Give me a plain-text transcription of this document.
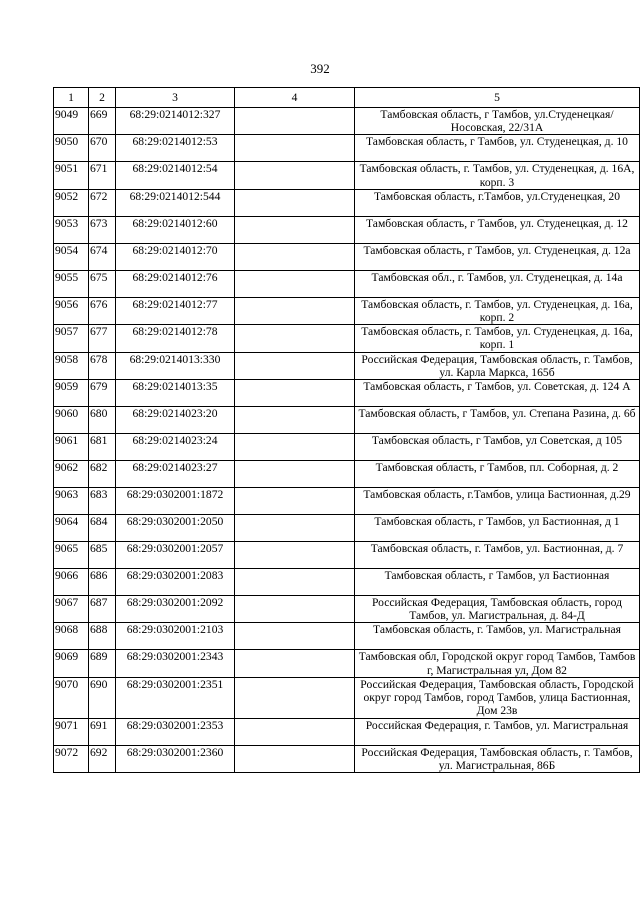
392
1	2	3	4	5
9049	669	68:29:0214012:327		Тамбовская область, г Тамбов, ул.Студенецкая/Носовская, 22/31А
9050	670	68:29:0214012:53		Тамбовская область, г Тамбов, ул. Студенецкая, д. 10
9051	671	68:29:0214012:54		Тамбовская область, г. Тамбов, ул. Студенецкая, д. 16А, корп. 3
9052	672	68:29:0214012:544		Тамбовская область, г.Тамбов, ул.Студенецкая, 20
9053	673	68:29:0214012:60		Тамбовская область, г Тамбов, ул. Студенецкая, д. 12
9054	674	68:29:0214012:70		Тамбовская область, г Тамбов, ул. Студенецкая, д. 12а
9055	675	68:29:0214012:76		Тамбовская обл., г. Тамбов, ул. Студенецкая, д. 14а
9056	676	68:29:0214012:77		Тамбовская область, г. Тамбов, ул. Студенецкая, д. 16а, корп. 2
9057	677	68:29:0214012:78		Тамбовская область, г. Тамбов, ул. Студенецкая, д. 16а, корп. 1
9058	678	68:29:0214013:330		Российская Федерация, Тамбовская область, г. Тамбов, ул. Карла Маркса, 165б
9059	679	68:29:0214013:35		Тамбовская область, г Тамбов, ул. Советская, д. 124 А
9060	680	68:29:0214023:20		Тамбовская область, г Тамбов, ул. Степана Разина, д. 6б
9061	681	68:29:0214023:24		Тамбовская область, г Тамбов, ул Советская, д 105
9062	682	68:29:0214023:27		Тамбовская область, г Тамбов, пл. Соборная, д. 2
9063	683	68:29:0302001:1872		Тамбовская область, г.Тамбов, улица Бастионная, д.29
9064	684	68:29:0302001:2050		Тамбовская область, г Тамбов, ул Бастионная, д 1
9065	685	68:29:0302001:2057		Тамбовская область, г. Тамбов, ул. Бастионная, д. 7
9066	686	68:29:0302001:2083		Тамбовская область, г Тамбов, ул Бастионная
9067	687	68:29:0302001:2092		Российская Федерация, Тамбовская область, город Тамбов, ул. Магистральная, д. 84-Д
9068	688	68:29:0302001:2103		Тамбовская область, г. Тамбов, ул. Магистральная
9069	689	68:29:0302001:2343		Тамбовская обл, Городской округ город Тамбов, Тамбов г, Магистральная ул, Дом 82
9070	690	68:29:0302001:2351		Российская Федерация, Тамбовская область, Городской округ город Тамбов, город Тамбов, улица Бастионная, Дом 23в
9071	691	68:29:0302001:2353		Российская Федерация, г. Тамбов, ул. Магистральная
9072	692	68:29:0302001:2360		Российская Федерация, Тамбовская область, г. Тамбов, ул. Магистральная, 86Б
